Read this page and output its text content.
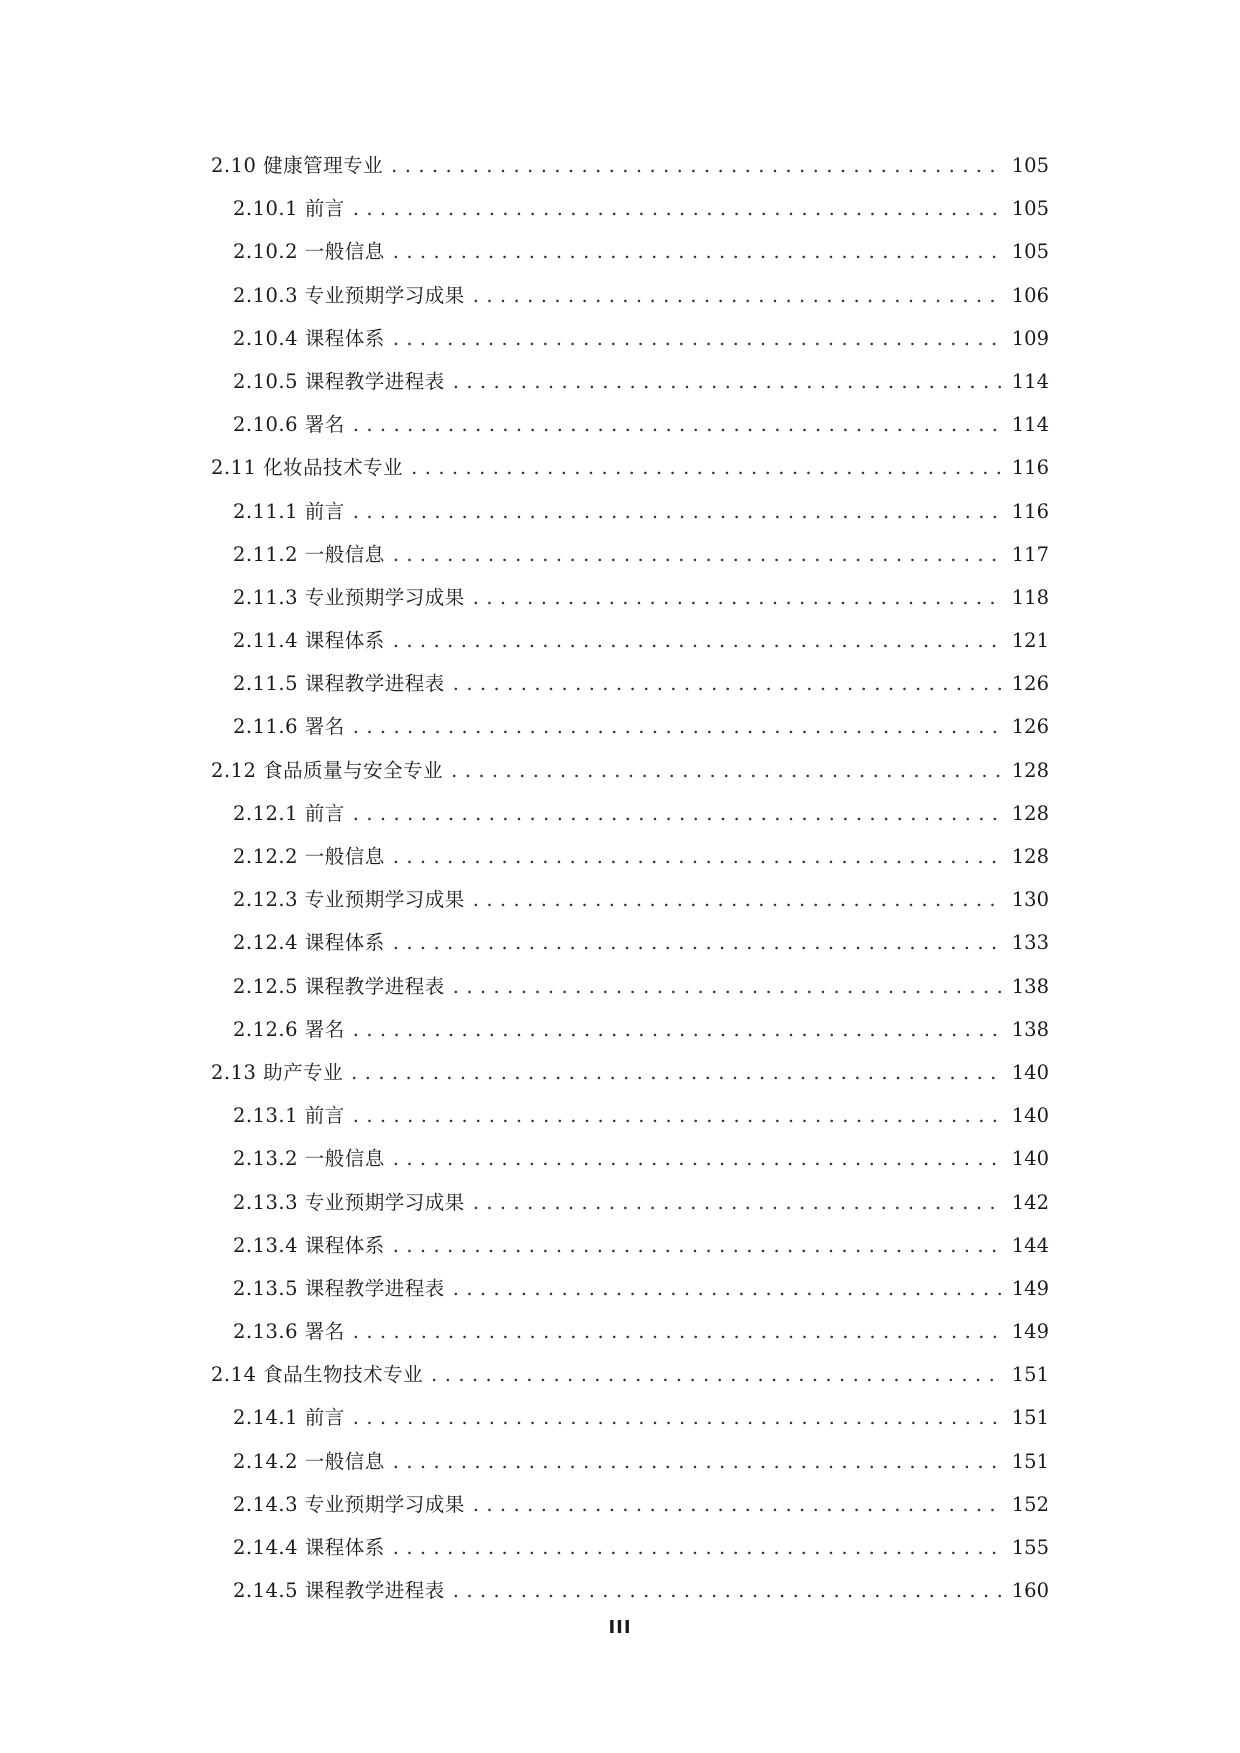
2.10 健康管理专业 . . .	105
2.10.1 前言 . . .	105
2.10.2 一般信息 . . .	105
2.10.3 专业预期学习成果 . . .	106
2.10.4 课程体系 . . .	109
2.10.5 课程教学进程表 . . .	114
2.10.6 署名 . . .	114
2.11 化妆品技术专业 . . .	116
2.11.1 前言 . . .	116
2.11.2 一般信息 . . .	117
2.11.3 专业预期学习成果 . . .	118
2.11.4 课程体系 . . .	121
2.11.5 课程教学进程表 . . .	126
2.11.6 署名 . . .	126
2.12 食品质量与安全专业 . . .	128
2.12.1 前言 . . .	128
2.12.2 一般信息 . . .	128
2.12.3 专业预期学习成果 . . .	130
2.12.4 课程体系 . . .	133
2.12.5 课程教学进程表 . . .	138
2.12.6 署名 . . .	138
2.13 助产专业 . . .	140
2.13.1 前言 . . .	140
2.13.2 一般信息 . . .	140
2.13.3 专业预期学习成果 . . .	142
2.13.4 课程体系 . . .	144
2.13.5 课程教学进程表 . . .	149
2.13.6 署名 . . .	149
2.14 食品生物技术专业 . . .	151
2.14.1 前言 . . .	151
2.14.2 一般信息 . . .	151
2.14.3 专业预期学习成果 . . .	152
2.14.4 课程体系 . . .	155
2.14.5 课程教学进程表 . . .	160
III
